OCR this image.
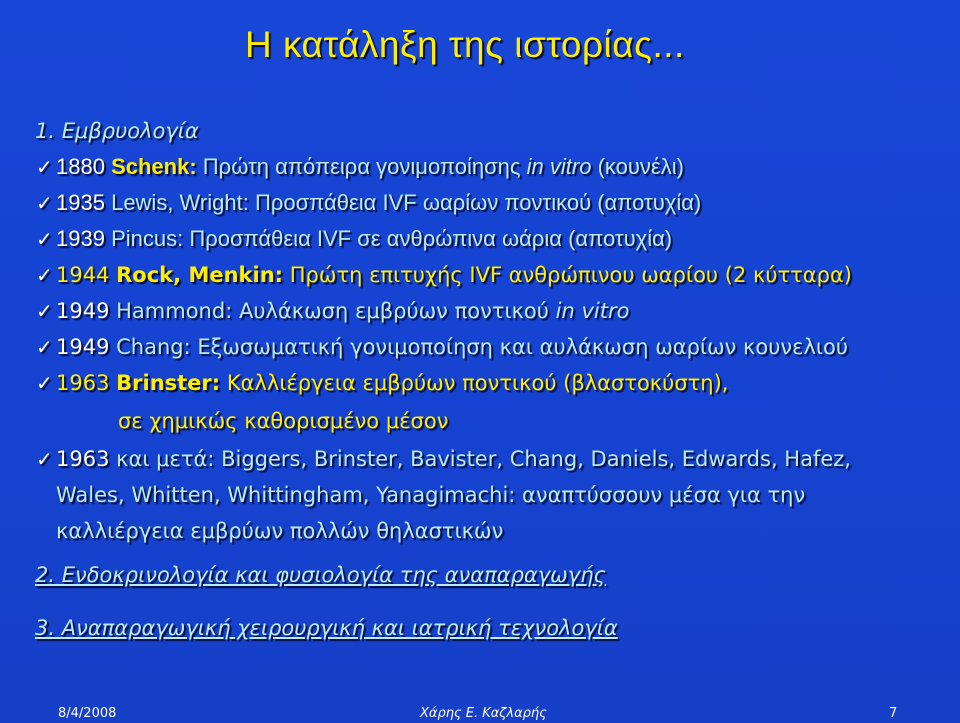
Η κατάληξη της ιστορίας...
1. Εμβρυολογία
✓ 1880 Schenk: Πρώτη απόπειρα γονιμοποίησης in vitro (κουνέλι)
✓ 1935 Lewis, Wright: Προσπάθεια IVF ωαρίων ποντικού (αποτυχία)
✓ 1939 Pincus: Προσπάθεια IVF σε ανθρώπινα ωάρια (αποτυχία)
✓ 1944 Rock, Menkin: Πρώτη επιτυχής IVF ανθρώπινου ωαρίου (2 κύτταρα)
✓ 1949 Hammond: Αυλάκωση εμβρύων ποντικού in vitro
✓ 1949 Chang: Εξωσωματική γονιμοποίηση και αυλάκωση ωαρίων κουνελιού
✓ 1963 Brinster: Καλλιέργεια εμβρύων ποντικού (βλαστοκύστη),
σε χημικώς καθορισμένο μέσον
✓ 1963 και μετά: Biggers, Brinster, Bavister, Chang, Daniels, Edwards, Hafez,
Wales, Whitten, Whittingham, Yanagimachi: αναπτύσσουν μέσα για την
καλλιέργεια εμβρύων πολλών θηλαστικών
2. Ενδοκρινολογία και φυσιολογία της αναπαραγωγής
3. Αναπαραγωγική χειρουργική και ιατρική τεχνολογία
8/4/2008	Χάρης Ε. Καζλαρής	7
